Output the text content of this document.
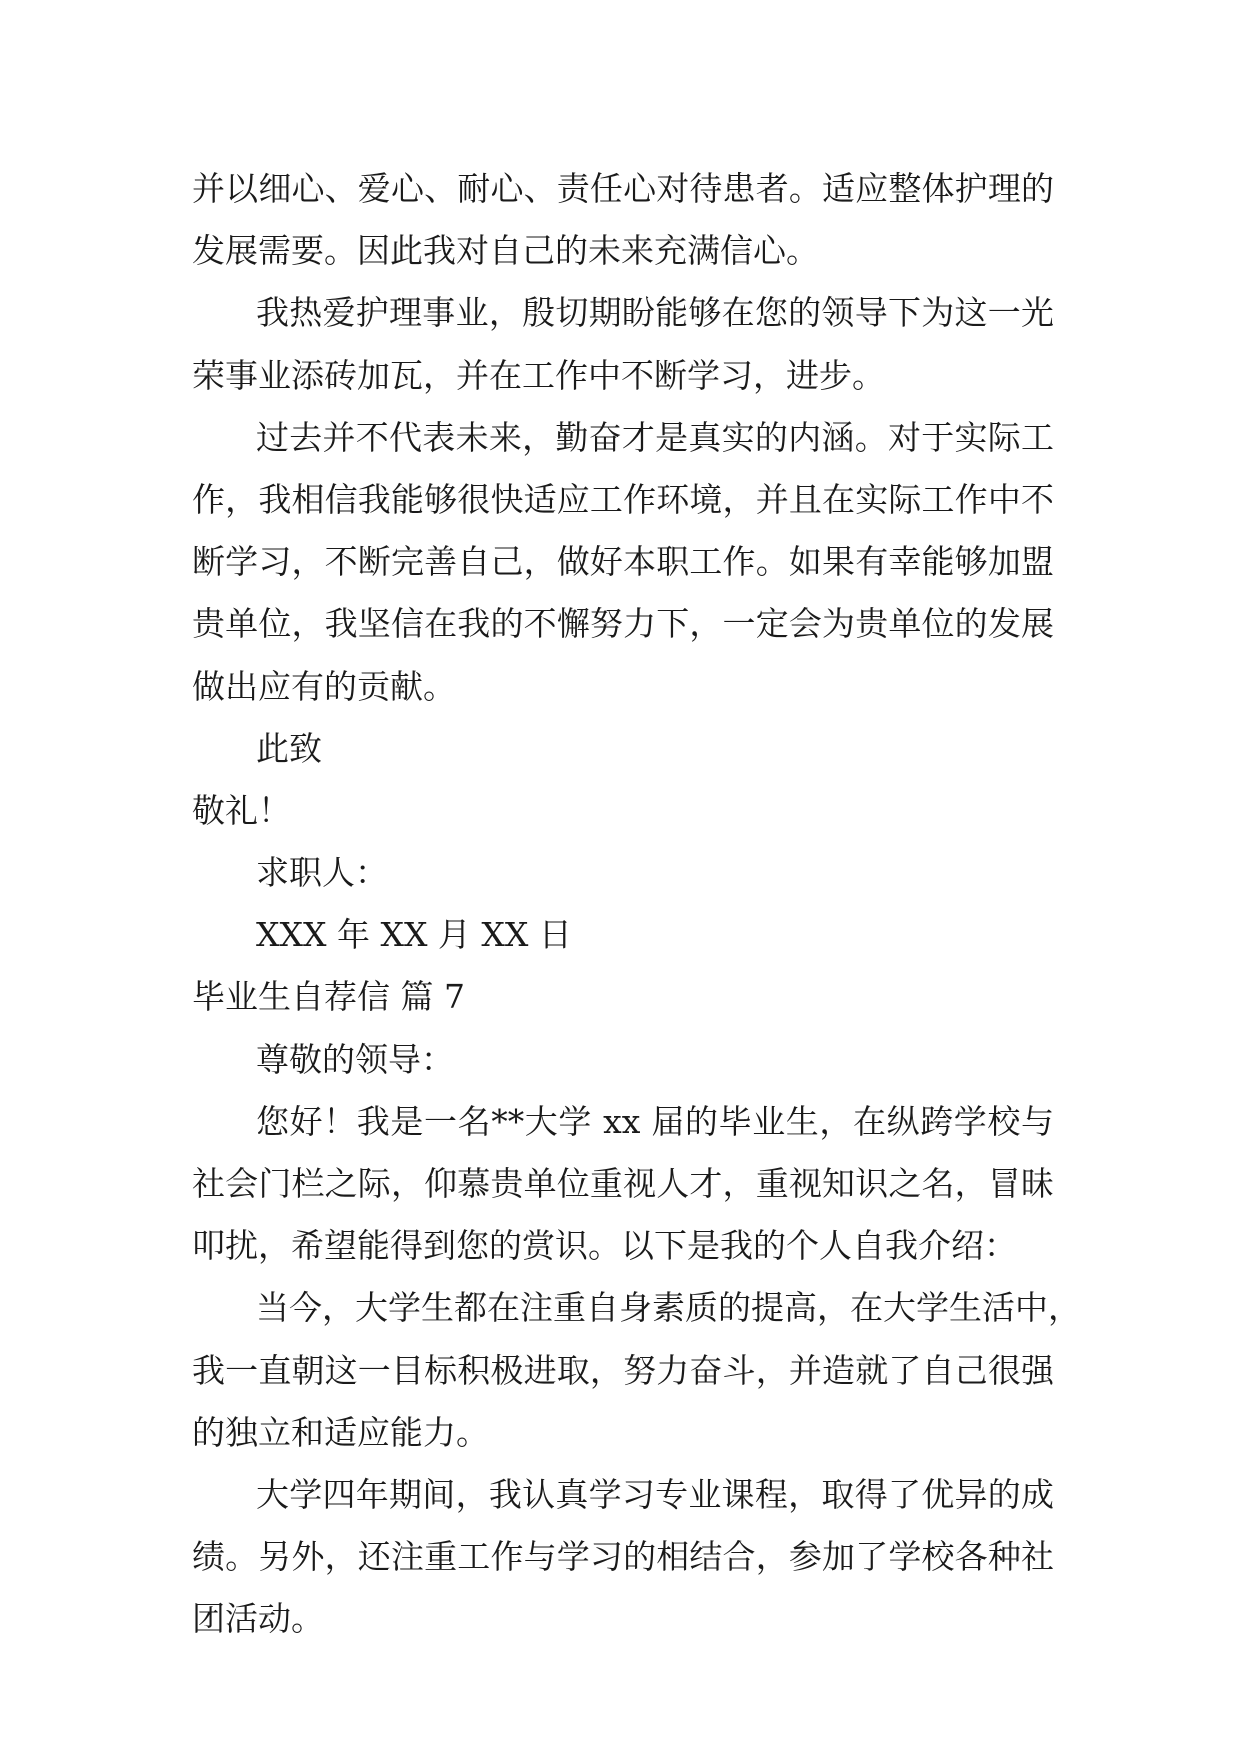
并以细心、爱心、耐心、责任心对待患者。适应整体护理的
发展需要。因此我对自己的未来充满信心。
我热爱护理事业，殷切期盼能够在您的领导下为这一光
荣事业添砖加瓦，并在工作中不断学习，进步。
过去并不代表未来，勤奋才是真实的内涵。对于实际工
作，我相信我能够很快适应工作环境，并且在实际工作中不
断学习，不断完善自己，做好本职工作。如果有幸能够加盟
贵单位，我坚信在我的不懈努力下，一定会为贵单位的发展
做出应有的贡献。
此致
敬礼！
求职人：
XXX 年 XX 月 XX 日
毕业生自荐信 篇 7
尊敬的领导：
您好！我是一名**大学 xx 届的毕业生，在纵跨学校与
社会门栏之际，仰慕贵单位重视人才，重视知识之名，冒昧
叩扰，希望能得到您的赏识。以下是我的个人自我介绍：
当今，大学生都在注重自身素质的提高，在大学生活中，
我一直朝这一目标积极进取，努力奋斗，并造就了自己很强
的独立和适应能力。
大学四年期间，我认真学习专业课程，取得了优异的成
绩。另外，还注重工作与学习的相结合，参加了学校各种社
团活动。
